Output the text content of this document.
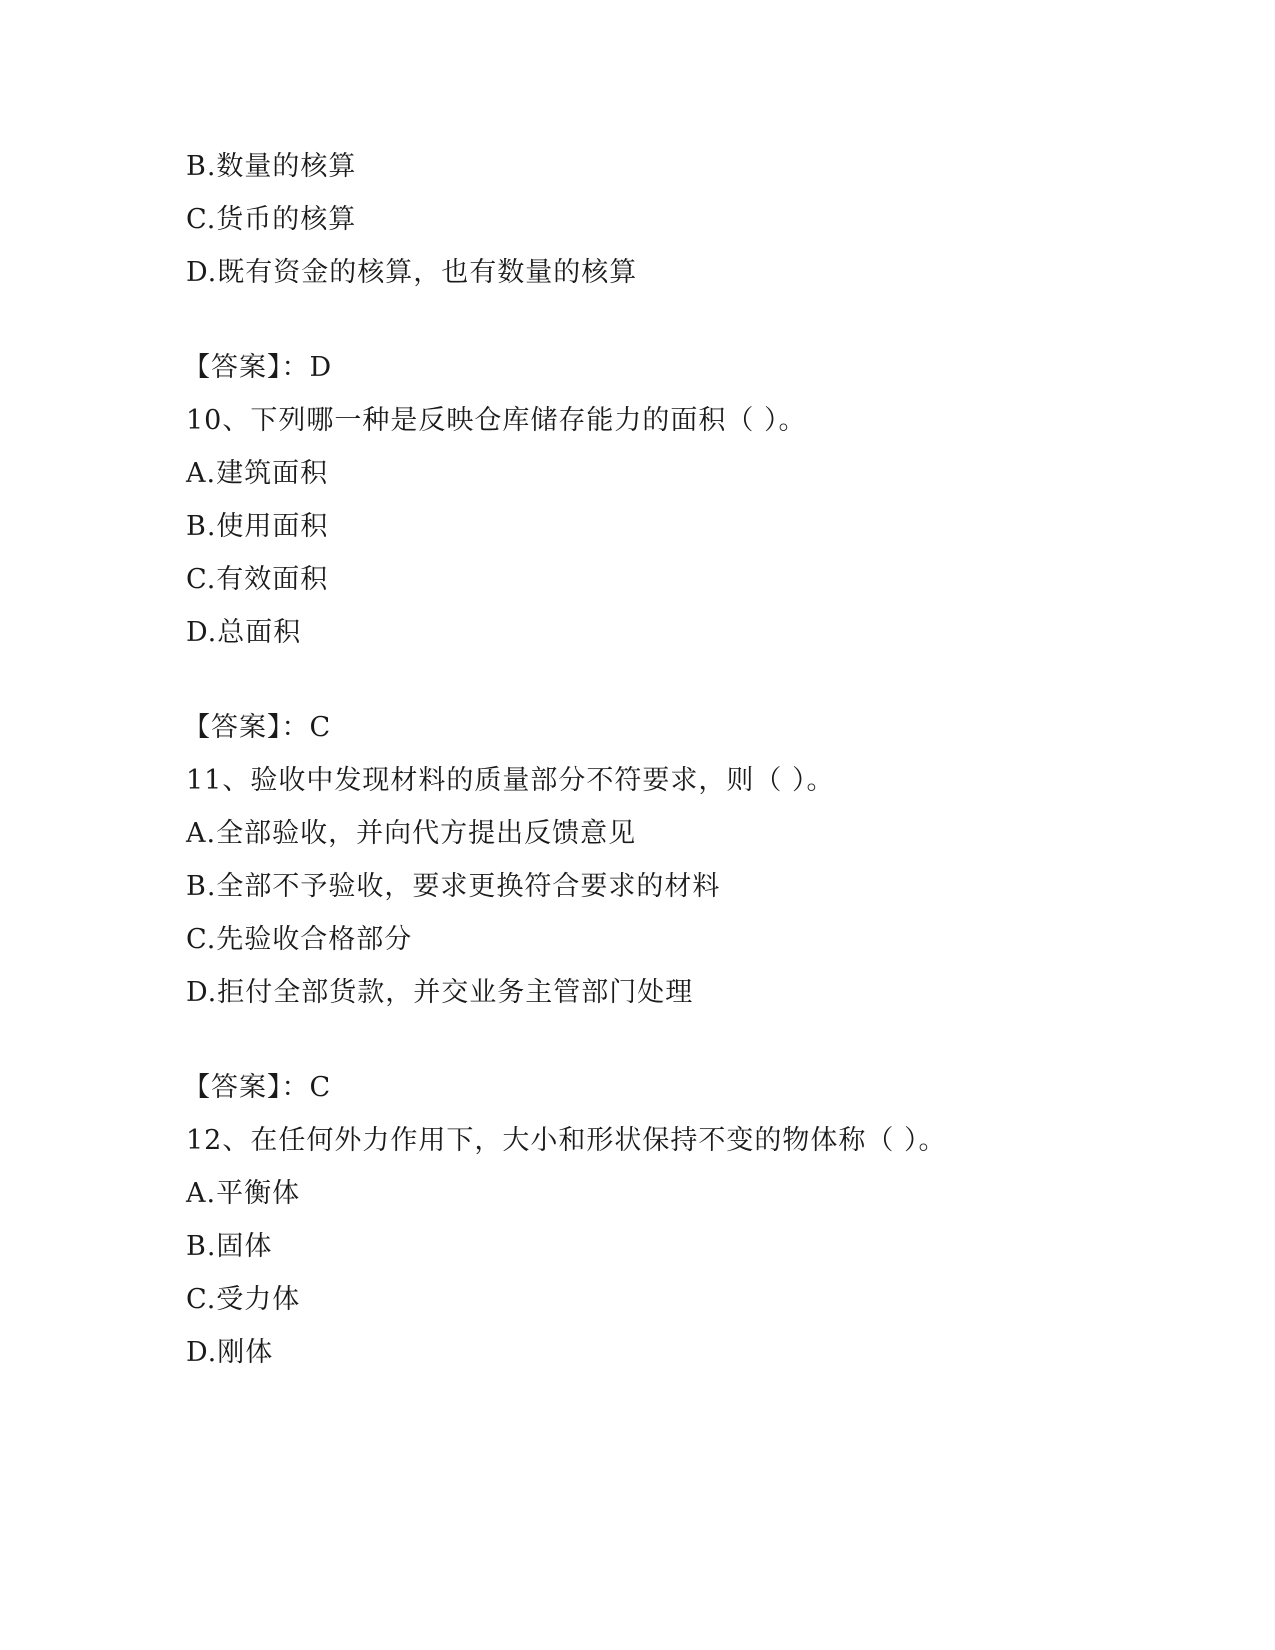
B.数量的核算
C.货币的核算
D.既有资金的核算，也有数量的核算
【答案】：D
10、下列哪一种是反映仓库储存能力的面积（ ）。
A.建筑面积
B.使用面积
C.有效面积
D.总面积
【答案】：C
11、验收中发现材料的质量部分不符要求，则（ ）。
A.全部验收，并向代方提出反馈意见
B.全部不予验收，要求更换符合要求的材料
C.先验收合格部分
D.拒付全部货款，并交业务主管部门处理
【答案】：C
12、在任何外力作用下，大小和形状保持不变的物体称（ ）。
A.平衡体
B.固体
C.受力体
D.刚体
